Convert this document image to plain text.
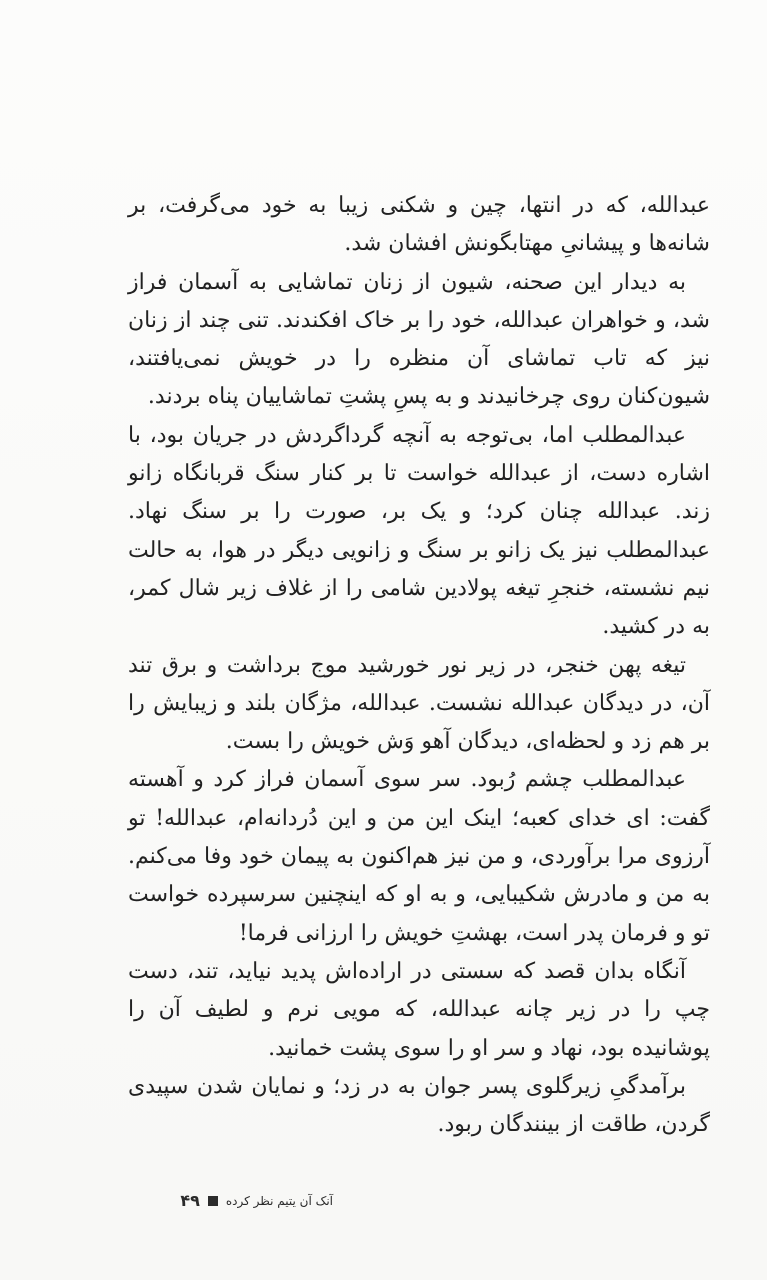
عبدالله، که در انتها، چین و شکنی زیبا به خود می‌گرفت، بر شانه‌ها و پیشانیِ مهتابگونش افشان شد.

به دیدار این صحنه، شیون از زنان تماشایی به آسمان فراز شد، و خواهران عبدالله، خود را بر خاک افکندند. تنی چند از زنان نیز که تاب تماشای آن منظره را در خویش نمی‌یافتند، شیون‌کنان روی چرخانیدند و به پسِ پشتِ تماشاییان پناه بردند.

عبدالمطلب اما، بی‌توجه به آنچه گرداگردش در جریان بود، با اشاره دست، از عبدالله خواست تا بر کنار سنگ قربانگاه زانو زند. عبدالله چنان کرد؛ و یک بر، صورت را بر سنگ نهاد. عبدالمطلب نیز یک زانو بر سنگ و زانویی دیگر در هوا، به حالت نیم نشسته، خنجرِ تیغه پولادین شامی را از غلاف زیر شال کمر، به در کشید.

تیغه پهن خنجر، در زیر نور خورشید موج برداشت و برق تند آن، در دیدگان عبدالله نشست. عبدالله، مژگان بلند و زیبایش را بر هم زد و لحظه‌ای، دیدگان آهو وَش خویش را بست.

عبدالمطلب چشم رُبود. سر سوی آسمان فراز کرد و آهسته گفت: ای خدای کعبه؛ اینک این من و این دُردانه‌ام، عبدالله! تو آرزوی مرا برآوردی، و من نیز هم‌اکنون به پیمان خود وفا می‌کنم. به من و مادرش شکیبایی، و به او که اینچنین سرسپرده خواست تو و فرمان پدر است، بهشتِ خویش را ارزانی فرما!

آنگاه بدان قصد که سستی در اراده‌اش پدید نیاید، تند، دست چپ را در زیر چانه عبدالله، که مویی نرم و لطیف آن را پوشانیده بود، نهاد و سر او را سوی پشت خمانید.

برآمدگیِ زیرگلوی پسر جوان به در زد؛ و نمایان شدن سپیدی گردن، طاقت از بینندگان ربود.

آنک آن یتیم نظر کرده
۴۹
